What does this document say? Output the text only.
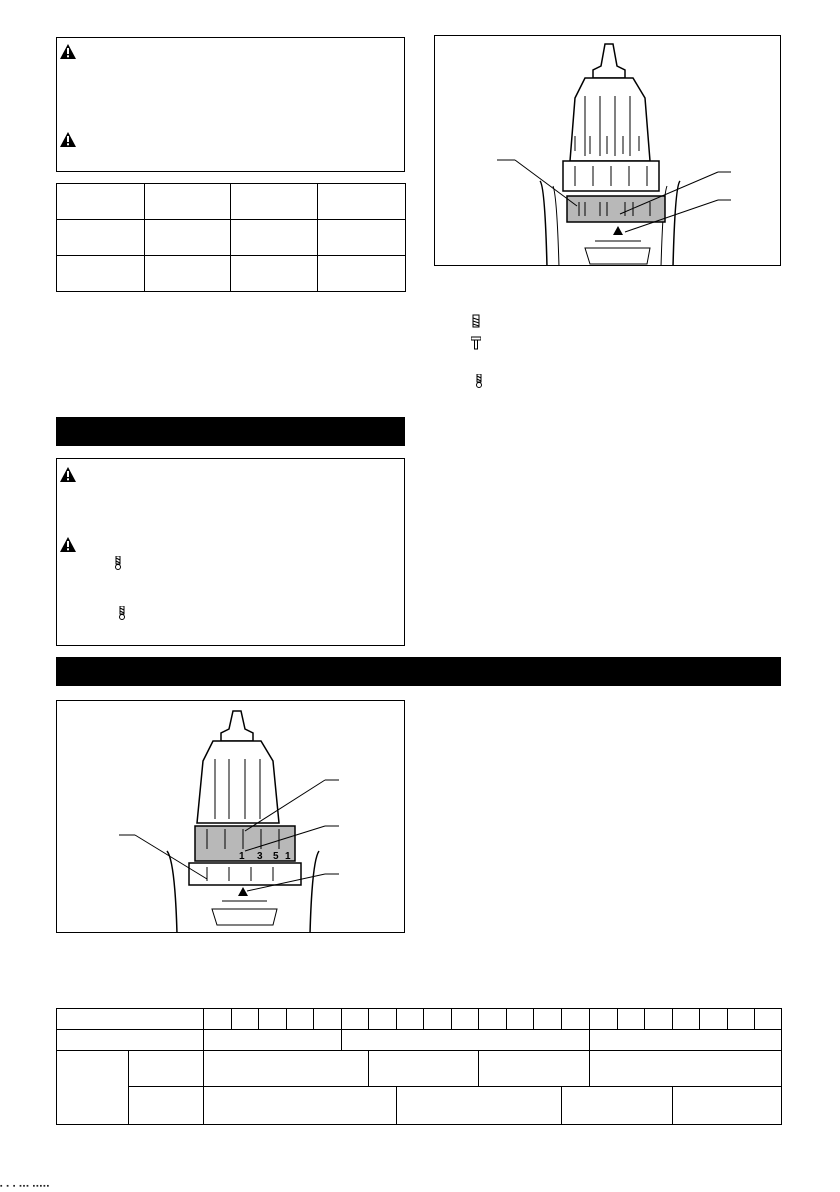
1 3 5 1
▪ ▪ ▪ ▪▪▪ ▪▪▪▪▪
